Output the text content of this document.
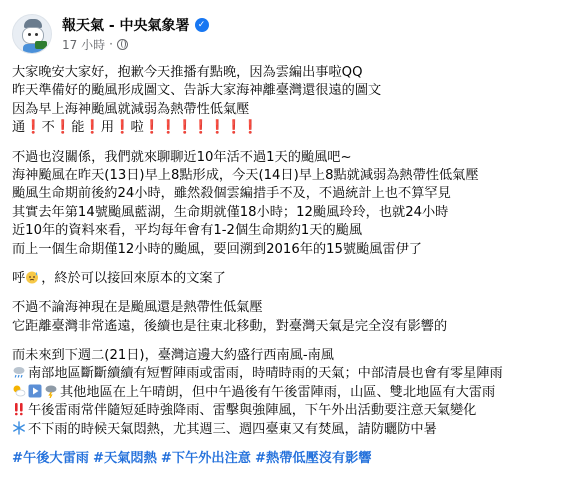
報天氣 - 中央氣象署 ✓
17 小時 ·
大家晚安大家好，抱歉今天推播有點晚，因為雲編出事啦QQ
昨天準備好的颱風形成圖文、告訴大家海神離臺灣還很遠的圖文
因為早上海神颱風就減弱為熱帶性低氣壓
通❗不❗能❗用❗啦❗❗❗❗❗❗❗
不過也沒關係，我們就來聊聊近10年活不過1天的颱風吧~
海神颱風在昨天(13日)早上8點形成，今天(14日)早上8點就減弱為熱帶性低氣壓
颱風生命期前後約24小時，雖然殺個雲編措手不及，不過統計上也不算罕見
其實去年第14號颱風藍湖，生命期就僅18小時；12颱風玲玲，也就24小時
近10年的資料來看，平均每年會有1-2個生命期約1天的颱風
而上一個生命期僅12小時的颱風，要回溯到2016年的15號颱風雷伊了
呼 ，終於可以接回來原本的文案了
不過不論海神現在是颱風還是熱帶性低氣壓
它距離臺灣非常遙遠，後續也是往東北移動，對臺灣天氣是完全沒有影響的
而未來到下週二(21日)，臺灣這邊大約盛行西南風-南風
南部地區斷斷續續有短暫陣雨或雷雨，時晴時雨的天氣；中部清晨也會有零星陣雨
其他地區在上午晴朗，但中午過後有午後雷陣雨，山區、雙北地區有大雷雨
午後雷雨常伴隨短延時強降雨、雷擊與強陣風，下午外出活動要注意天氣變化
不下雨的時候天氣悶熱，尤其週三、週四臺東又有焚風，請防曬防中暑
#午後大雷雨 #天氣悶熱 #下午外出注意 #熱帶低壓沒有影響
